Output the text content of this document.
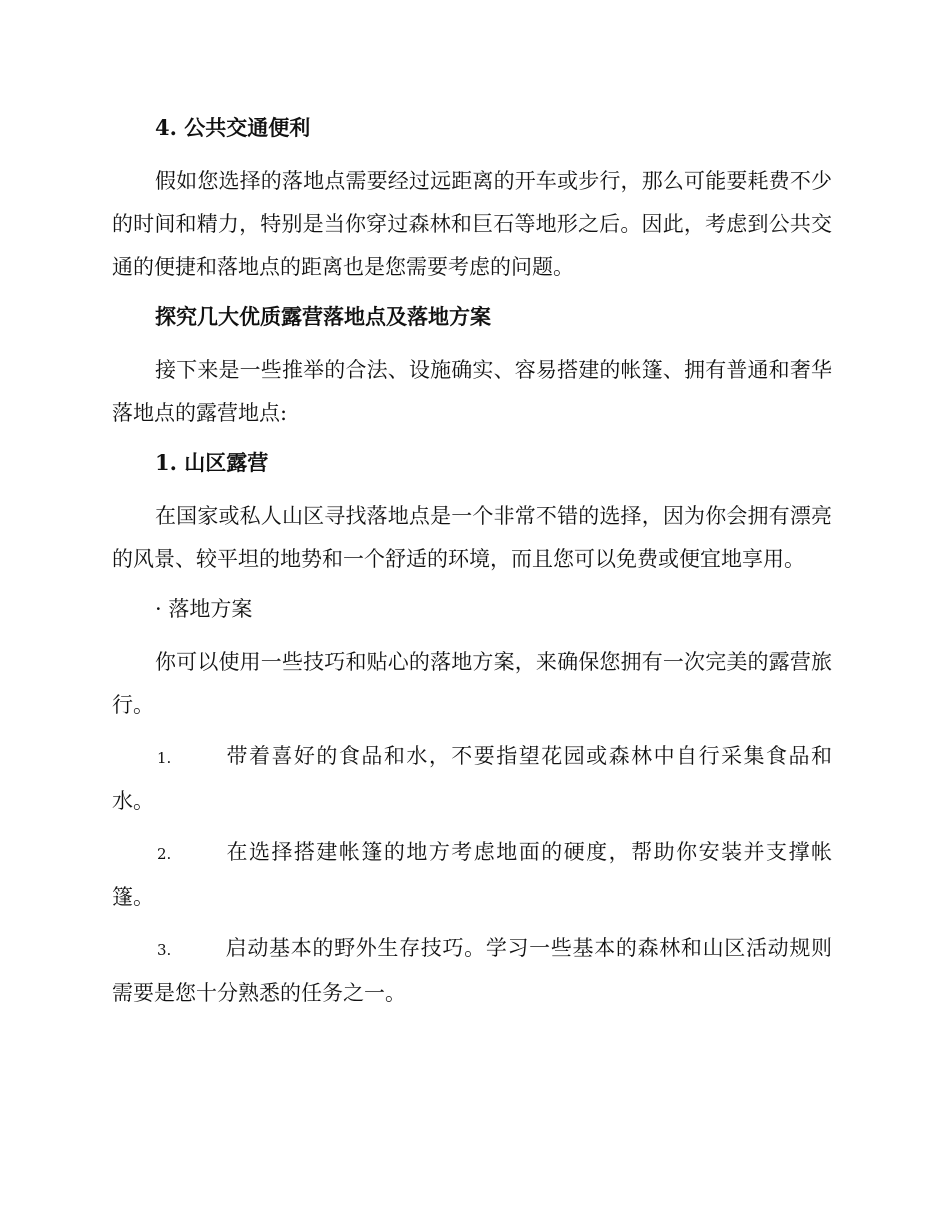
4. 公共交通便利

假如您选择的落地点需要经过远距离的开车或步行，那么可能要耗费不少的时间和精力，特别是当你穿过森林和巨石等地形之后。因此，考虑到公共交通的便捷和落地点的距离也是您需要考虑的问题。

探究几大优质露营落地点及落地方案

接下来是一些推举的合法、设施确实、容易搭建的帐篷、拥有普通和奢华落地点的露营地点:

1. 山区露营

在国家或私人山区寻找落地点是一个非常不错的选择，因为你会拥有漂亮的风景、较平坦的地势和一个舒适的环境，而且您可以免费或便宜地享用。

· 落地方案

你可以使用一些技巧和贴心的落地方案，来确保您拥有一次完美的露营旅行。

1.	带着喜好的食品和水，不要指望花园或森林中自行采集食品和水。

2.	在选择搭建帐篷的地方考虑地面的硬度，帮助你安装并支撑帐篷。

3.	启动基本的野外生存技巧。学习一些基本的森林和山区活动规则需要是您十分熟悉的任务之一。
